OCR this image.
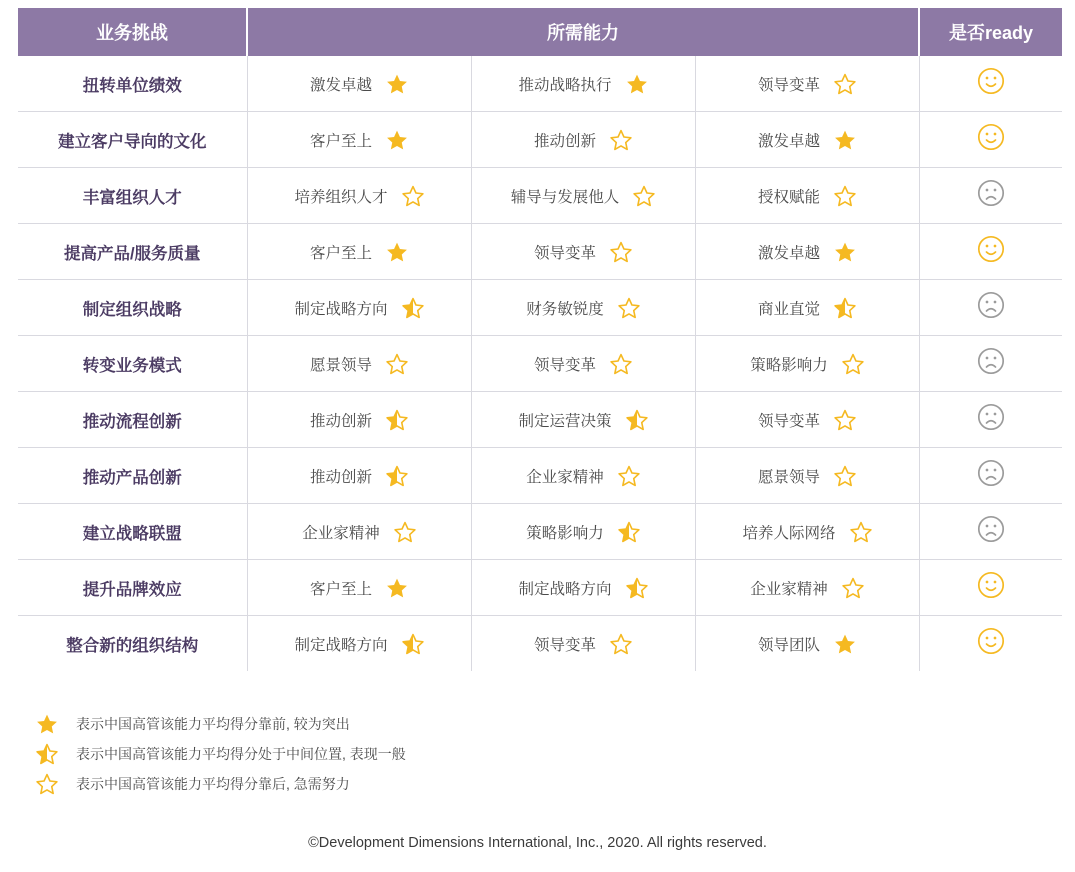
业务挑战	所需能力			是否ready
扭转单位绩效	激发卓越	推动战略执行	领导变革

建立客户导向的文化	客户至上	推动创新	激发卓越

丰富组织人才	培养组织人才	辅导与发展他人	授权赋能

提高产品/服务质量	客户至上	领导变革	激发卓越

制定组织战略	制定战略方向	财务敏锐度	商业直觉

转变业务模式	愿景领导	领导变革	策略影响力

推动流程创新	推动创新	制定运营决策	领导变革

推动产品创新	推动创新	企业家精神	愿景领导

建立战略联盟	企业家精神	策略影响力	培养人际网络

提升品牌效应	客户至上	制定战略方向	企业家精神

整合新的组织结构	制定战略方向	领导变革	领导团队

表示中国高管该能力平均得分靠前, 较为突出
表示中国高管该能力平均得分处于中间位置, 表现一般
表示中国高管该能力平均得分靠后, 急需努力
©Development Dimensions International, Inc., 2020. All rights reserved.
